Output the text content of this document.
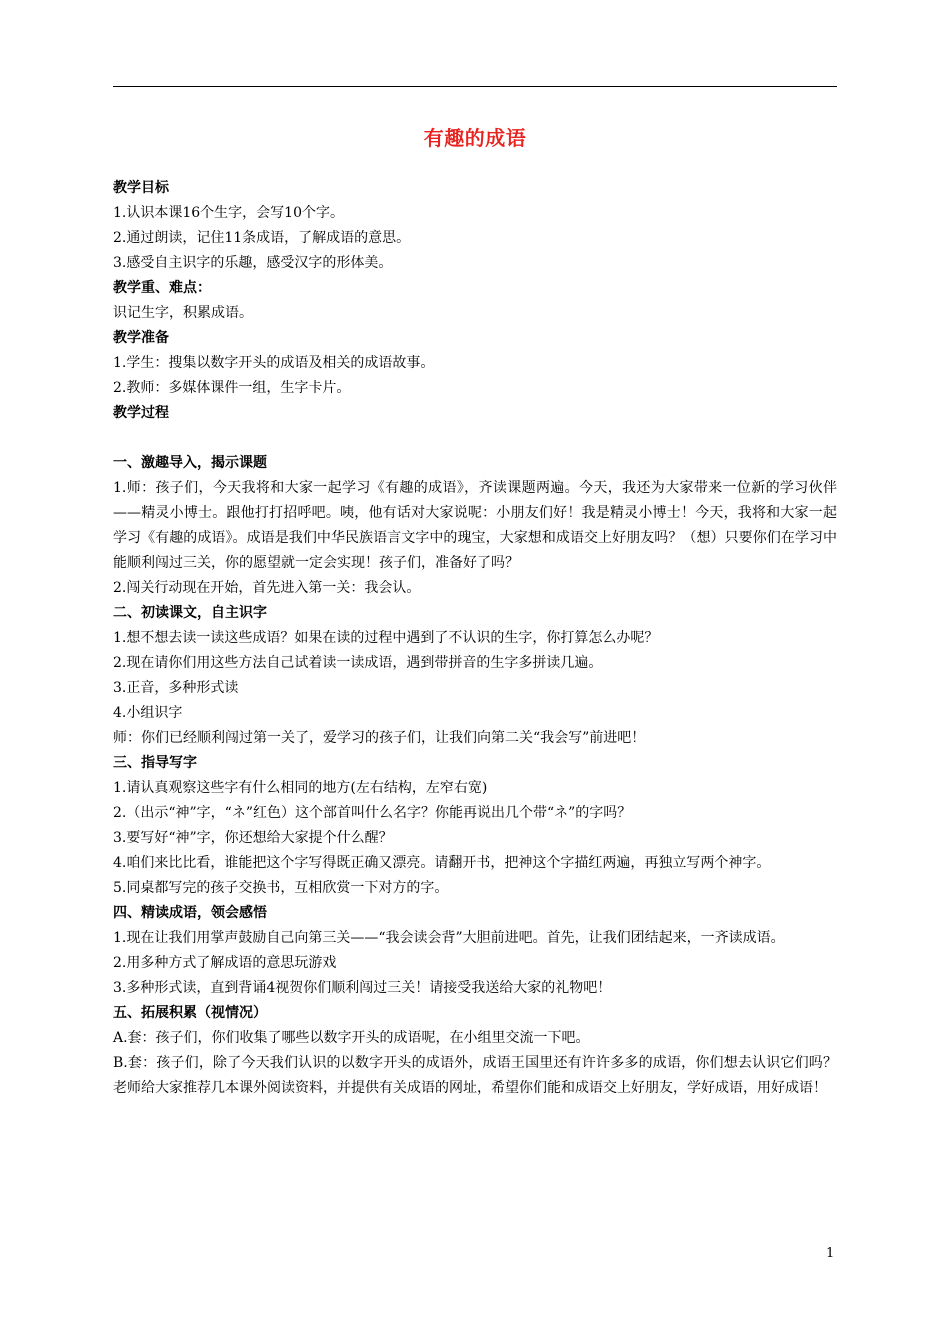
有趣的成语
教学目标
1.认识本课16个生字，会写10个字。
2.通过朗读，记住11条成语，了解成语的意思。
3.感受自主识字的乐趣，感受汉字的形体美。
教学重、难点：
识记生字，积累成语。
教学准备
1.学生：搜集以数字开头的成语及相关的成语故事。
2.教师：多媒体课件一组，生字卡片。
教学过程
一、激趣导入，揭示课题
1.师：孩子们，今天我将和大家一起学习《有趣的成语》，齐读课题两遍。今天，我还为大家带来一位新的学习伙伴——精灵小博士。跟他打打招呼吧。咦，他有话对大家说呢：小朋友们好！我是精灵小博士！今天，我将和大家一起学习《有趣的成语》。成语是我们中华民族语言文字中的瑰宝，大家想和成语交上好朋友吗？（想）只要你们在学习中能顺利闯过三关，你的愿望就一定会实现！孩子们，准备好了吗？
2.闯关行动现在开始，首先进入第一关：我会认。
二、初读课文，自主识字
1.想不想去读一读这些成语？如果在读的过程中遇到了不认识的生字，你打算怎么办呢？
2.现在请你们用这些方法自己试着读一读成语，遇到带拼音的生字多拼读几遍。
3.正音，多种形式读
4.小组识字
师：你们已经顺利闯过第一关了，爱学习的孩子们，让我们向第二关“我会写”前进吧！
三、指导写字
1.请认真观察这些字有什么相同的地方(左右结构，左窄右宽)
2.（出示“神”字，“ネ”红色）这个部首叫什么名字？你能再说出几个带“ネ”的字吗？
3.要写好“神”字，你还想给大家提个什么醒？
4.咱们来比比看，谁能把这个字写得既正确又漂亮。请翻开书，把神这个字描红两遍，再独立写两个神字。
5.同桌都写完的孩子交换书，互相欣赏一下对方的字。
四、精读成语，领会感悟
1.现在让我们用掌声鼓励自己向第三关——“我会读会背”大胆前进吧。首先，让我们团结起来，一齐读成语。
2.用多种方式了解成语的意思玩游戏
3.多种形式读，直到背诵4视贺你们顺利闯过三关！请接受我送给大家的礼物吧！
五、拓展积累（视情况）
A.套：孩子们，你们收集了哪些以数字开头的成语呢，在小组里交流一下吧。
B.套：孩子们，除了今天我们认识的以数字开头的成语外，成语王国里还有许许多多的成语，你们想去认识它们吗？老师给大家推荐几本课外阅读资料，并提供有关成语的网址，希望你们能和成语交上好朋友，学好成语，用好成语！
1
